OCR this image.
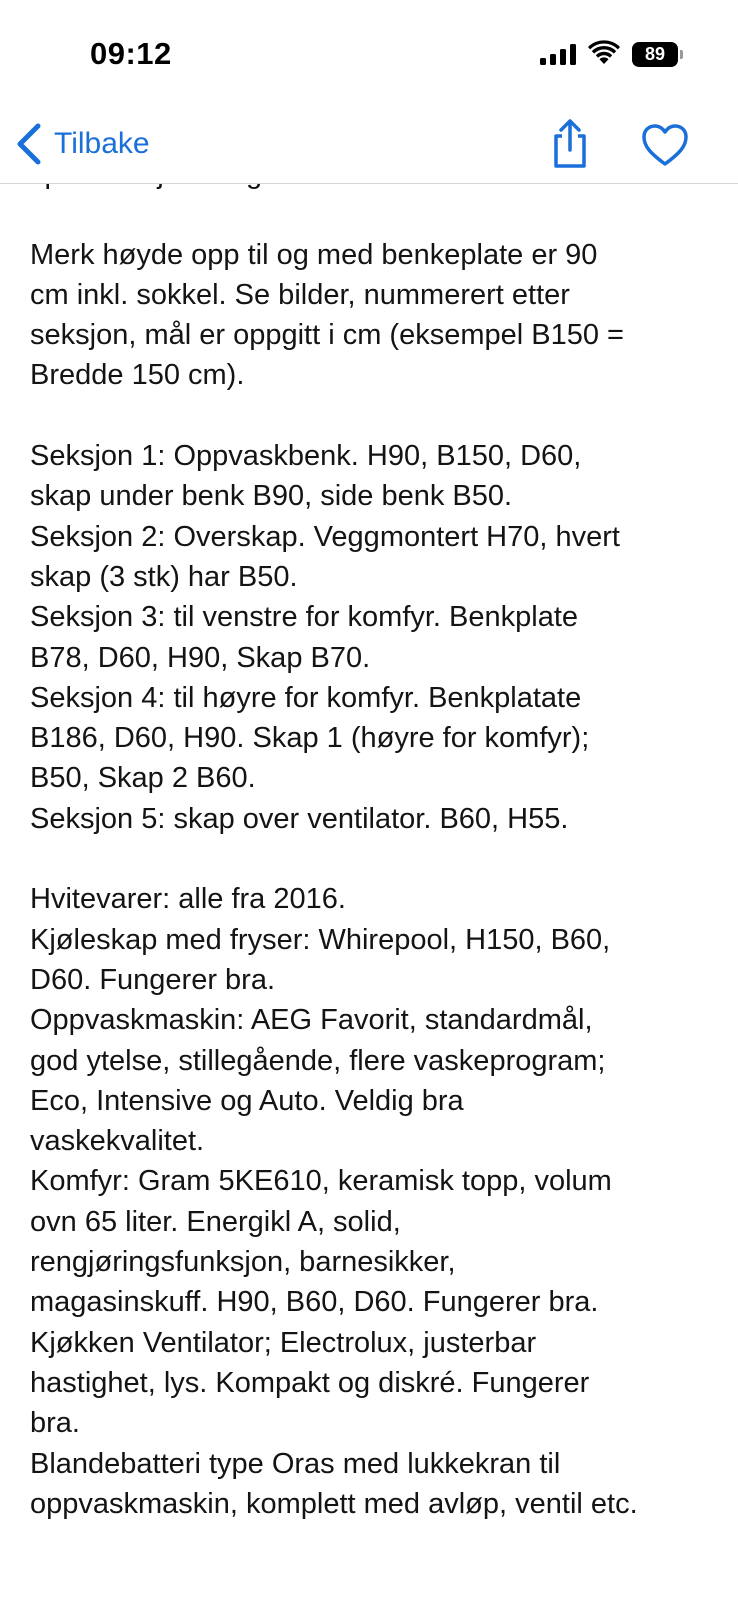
09:12	89
Tilbake
Merk høyde opp til og med benkeplate er 90
cm inkl. sokkel. Se bilder, nummerert etter
seksjon, mål er oppgitt i cm (eksempel B150 =
Bredde 150 cm).
Seksjon 1: Oppvaskbenk. H90, B150, D60,
skap under benk B90, side benk B50.
Seksjon 2: Overskap. Veggmontert H70, hvert
skap (3 stk) har B50.
Seksjon 3: til venstre for komfyr. Benkplate
B78, D60, H90, Skap B70.
Seksjon 4: til høyre for komfyr. Benkplatate
B186, D60, H90. Skap 1 (høyre for komfyr);
B50, Skap 2 B60.
Seksjon 5: skap over ventilator. B60, H55.
Hvitevarer: alle fra 2016.
Kjøleskap med fryser: Whirepool, H150, B60,
D60. Fungerer bra.
Oppvaskmaskin: AEG Favorit, standardmål,
god ytelse, stillegående, flere vaskeprogram;
Eco, Intensive og Auto. Veldig bra
vaskekvalitet.
Komfyr: Gram 5KE610, keramisk topp, volum
ovn 65 liter. Energikl A, solid,
rengjøringsfunksjon, barnesikker,
magasinskuff. H90, B60, D60. Fungerer bra.
Kjøkken Ventilator; Electrolux, justerbar
hastighet, lys. Kompakt og diskré. Fungerer
bra.
Blandebatteri type Oras med lukkekran til
oppvaskmaskin, komplett med avløp, ventil etc.
